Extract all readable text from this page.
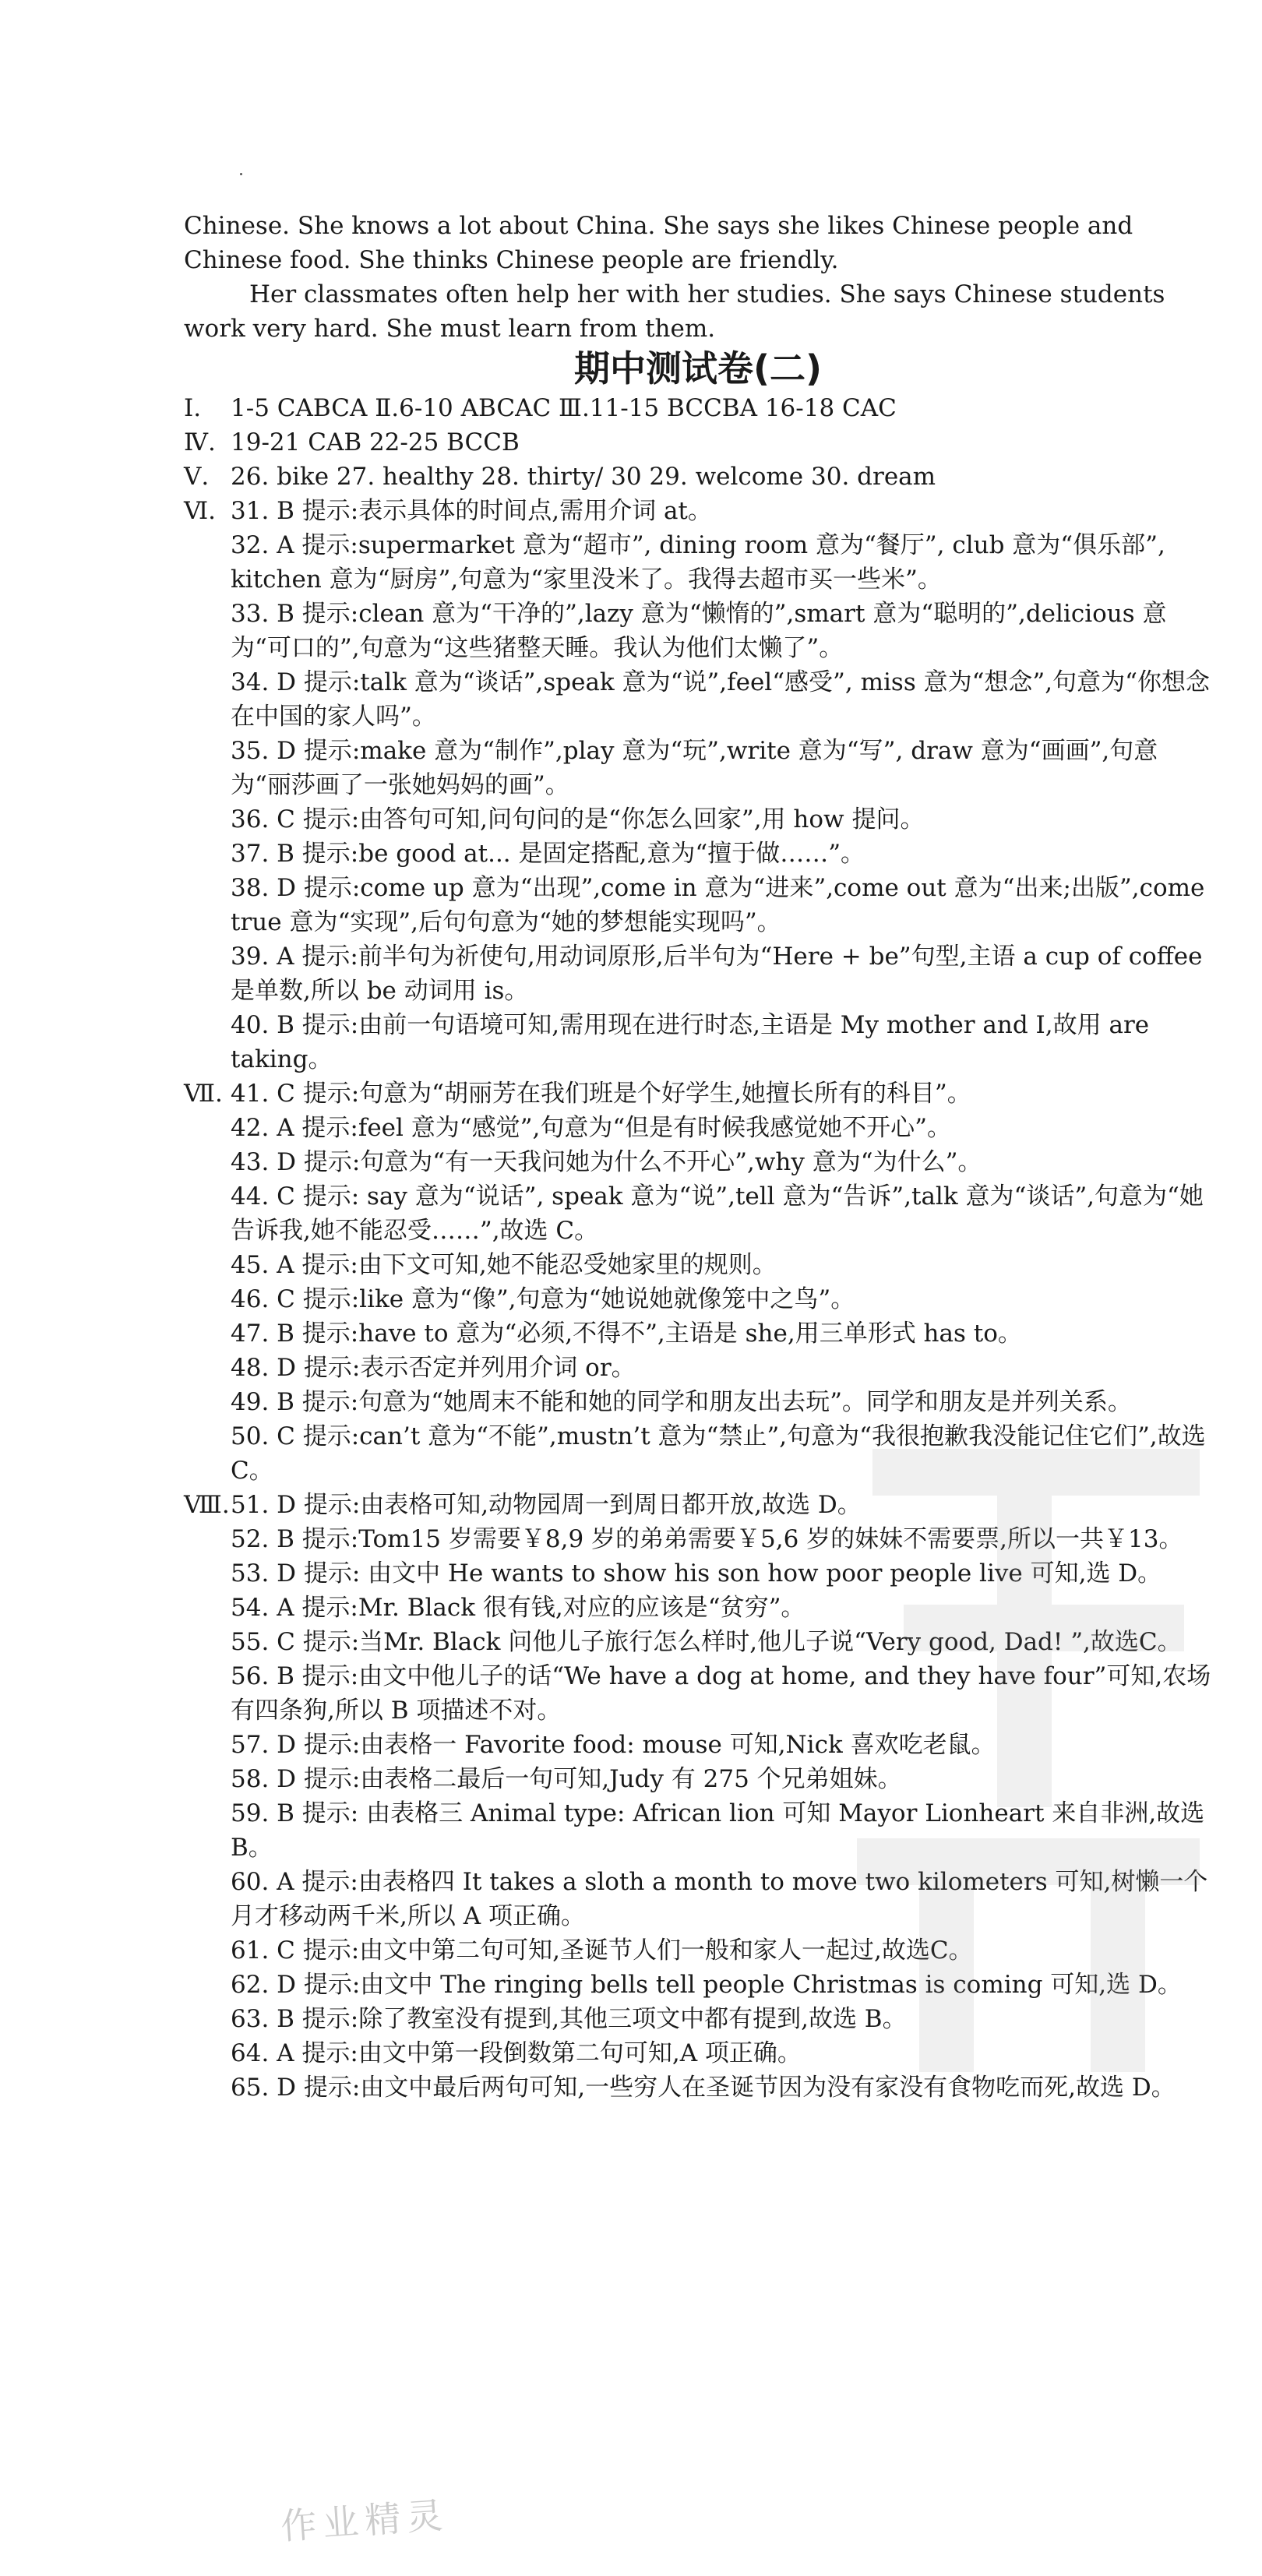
Chinese. She knows a lot about China. She says she likes Chinese people and Chinese food. She thinks Chinese people are friendly.

Her classmates often help her with her studies. She says Chinese students work very hard. She must learn from them.

期中测试卷(二)
Ⅰ.	1-5 CABCA Ⅱ.6-10 ABCAC Ⅲ.11-15 BCCBA 16-18 CAC
Ⅳ. 19-21 CAB 22-25 BCCB
Ⅴ. 26. bike 27. healthy 28. thirty/ 30 29. welcome 30. dream
Ⅵ. 31. B 提示:表示具体的时间点,需用介词 at。
32. A 提示:supermarket 意为“超市”, dining room 意为“餐厅”, club 意为“俱乐部”, kitchen 意为“厨房”,句意为“家里没米了。我得去超市买一些米”。
33. B 提示:clean 意为“干净的”,lazy 意为“懒惰的”,smart 意为“聪明的”,delicious 意为“可口的”,句意为“这些猪整天睡。我认为他们太懒了”。
34. D 提示:talk 意为“谈话”,speak 意为“说”,feel“感受”, miss 意为“想念”,句意为“你想念在中国的家人吗”。
35. D 提示:make 意为“制作”,play 意为“玩”,write 意为“写”, draw 意为“画画”,句意为“丽莎画了一张她妈妈的画”。
36. C 提示:由答句可知,问句问的是“你怎么回家”,用 how 提问。
37. B 提示:be good at... 是固定搭配,意为“擅于做……”。
38. D 提示:come up 意为“出现”,come in 意为“进来”,come out 意为“出来;出版”,come true 意为“实现”,后句句意为“她的梦想能实现吗”。
39. A 提示:前半句为祈使句,用动词原形,后半句为“Here + be”句型,主语 a cup of coffee 是单数,所以 be 动词用 is。
40. B 提示:由前一句语境可知,需用现在进行时态,主语是 My mother and I,故用 are taking。
Ⅶ. 41. C 提示:句意为“胡丽芳在我们班是个好学生,她擅长所有的科目”。
42. A 提示:feel 意为“感觉”,句意为“但是有时候我感觉她不开心”。
43. D 提示:句意为“有一天我问她为什么不开心”,why 意为“为什么”。
44. C 提示: say 意为“说话”, speak 意为“说”,tell 意为“告诉”,talk 意为“谈话”,句意为“她告诉我,她不能忍受……”,故选 C。
45. A 提示:由下文可知,她不能忍受她家里的规则。
46. C 提示:like 意为“像”,句意为“她说她就像笼中之鸟”。
47. B 提示:have to 意为“必须,不得不”,主语是 she,用三单形式 has to。
48. D 提示:表示否定并列用介词 or。
49. B 提示:句意为“她周末不能和她的同学和朋友出去玩”。同学和朋友是并列关系。
50. C 提示:can’t 意为“不能”,mustn’t 意为“禁止”,句意为“我很抱歉我没能记住它们”,故选 C。
Ⅷ. 51. D 提示:由表格可知,动物园周一到周日都开放,故选 D。
52. B 提示:Tom15 岁需要￥8,9 岁的弟弟需要￥5,6 岁的妹妹不需要票,所以一共￥13。
53. D 提示: 由文中 He wants to show his son how poor people live 可知,选 D。
54. A 提示:Mr. Black 很有钱,对应的应该是“贫穷”。
55. C 提示:当Mr. Black 问他儿子旅行怎么样时,他儿子说“Very good, Dad! ”,故选C。
56. B 提示:由文中他儿子的话“We have a dog at home, and they have four”可知,农场有四条狗,所以 B 项描述不对。
57. D 提示:由表格一 Favorite food: mouse 可知,Nick 喜欢吃老鼠。
58. D 提示:由表格二最后一句可知,Judy 有 275 个兄弟姐妹。
59. B 提示: 由表格三 Animal type: African lion 可知 Mayor Lionheart 来自非洲,故选 B。
60. A 提示:由表格四 It takes a sloth a month to move two kilometers 可知,树懒一个月才移动两千米,所以 A 项正确。
61. C 提示:由文中第二句可知,圣诞节人们一般和家人一起过,故选C。
62. D 提示:由文中 The ringing bells tell people Christmas is coming 可知,选 D。
63. B 提示:除了教室没有提到,其他三项文中都有提到,故选 B。
64. A 提示:由文中第一段倒数第二句可知,A 项正确。
65. D 提示:由文中最后两句可知,一些穷人在圣诞节因为没有家没有食物吃而死,故选 D。
作业精灵
